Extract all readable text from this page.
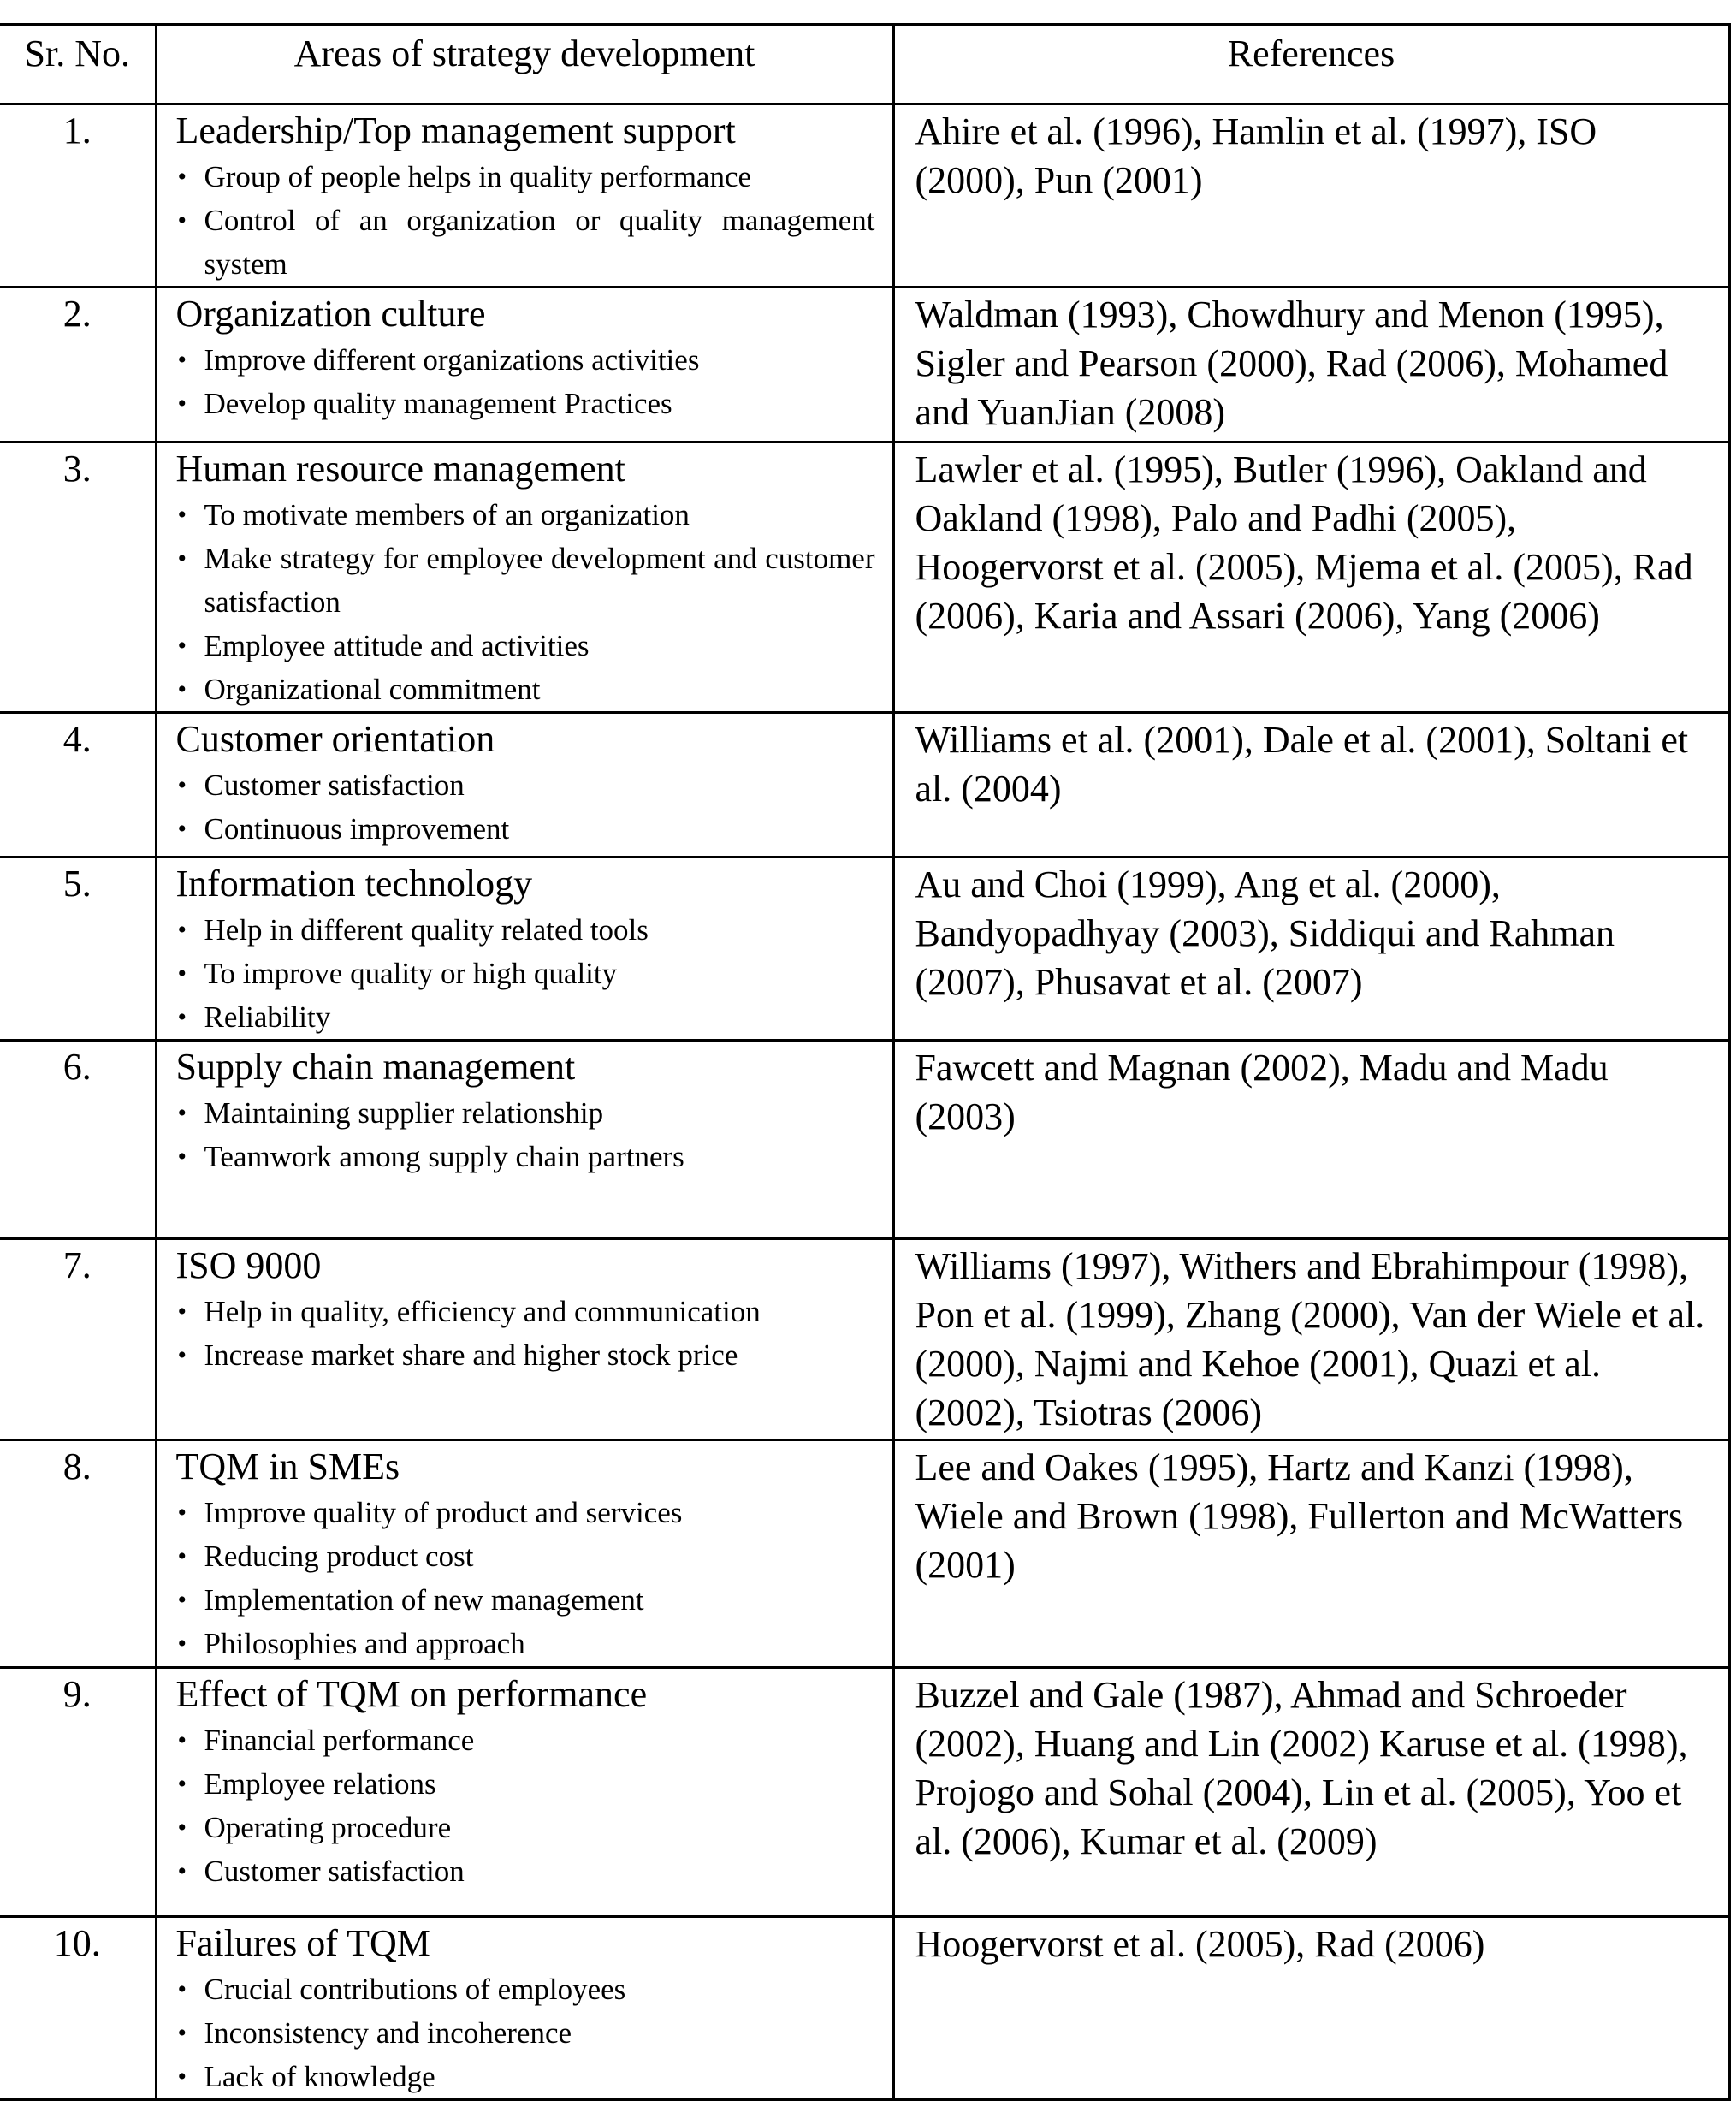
Sr. No.	Areas of strategy development	References
1.	Leadership/Top management support
• Group of people helps in quality performance
• Control of an organization or quality management system
	Ahire et al. (1996), Hamlin et al. (1997), ISO (2000), Pun (2001)
2.	Organization culture
• Improve different organizations activities
• Develop quality management Practices
	Waldman (1993), Chowdhury and Menon (1995), Sigler and Pearson (2000), Rad (2006), Mohamed and YuanJian (2008)
3.	Human resource management
• To motivate members of an organization
• Make strategy for employee development and customer satisfaction
• Employee attitude and activities
• Organizational commitment
	Lawler et al. (1995), Butler (1996), Oakland and Oakland (1998), Palo and Padhi (2005), Hoogervorst et al. (2005), Mjema et al. (2005), Rad (2006), Karia and Assari (2006), Yang (2006)
4.	Customer orientation
• Customer satisfaction
• Continuous improvement
	Williams et al. (2001), Dale et al. (2001), Soltani et al. (2004)
5.	Information technology
• Help in different quality related tools
• To improve quality or high quality
• Reliability
	Au and Choi (1999), Ang et al. (2000), Bandyopadhyay (2003), Siddiqui and Rahman (2007), Phusavat et al. (2007)
6.	Supply chain management
• Maintaining supplier relationship
• Teamwork among supply chain partners
	Fawcett and Magnan (2002), Madu and Madu (2003)
7.	ISO 9000
• Help in quality, efficiency and communication
• Increase market share and higher stock price
	Williams (1997), Withers and Ebrahimpour (1998), Pon et al. (1999), Zhang (2000), Van der Wiele et al. (2000), Najmi and Kehoe (2001), Quazi et al. (2002), Tsiotras (2006)
8.	TQM in SMEs
• Improve quality of product and services
• Reducing product cost
• Implementation of new management
• Philosophies and approach
	Lee and Oakes (1995), Hartz and Kanzi (1998), Wiele and Brown (1998), Fullerton and McWatters (2001)
9.	Effect of TQM on performance
• Financial performance
• Employee relations
• Operating procedure
• Customer satisfaction
	Buzzel and Gale (1987), Ahmad and Schroeder (2002), Huang and Lin (2002) Karuse et al. (1998), Projogo and Sohal (2004), Lin et al. (2005), Yoo et al. (2006), Kumar et al. (2009)
10.	Failures of TQM
• Crucial contributions of employees
• Inconsistency and incoherence
• Lack of knowledge
	Hoogervorst et al. (2005), Rad (2006)
